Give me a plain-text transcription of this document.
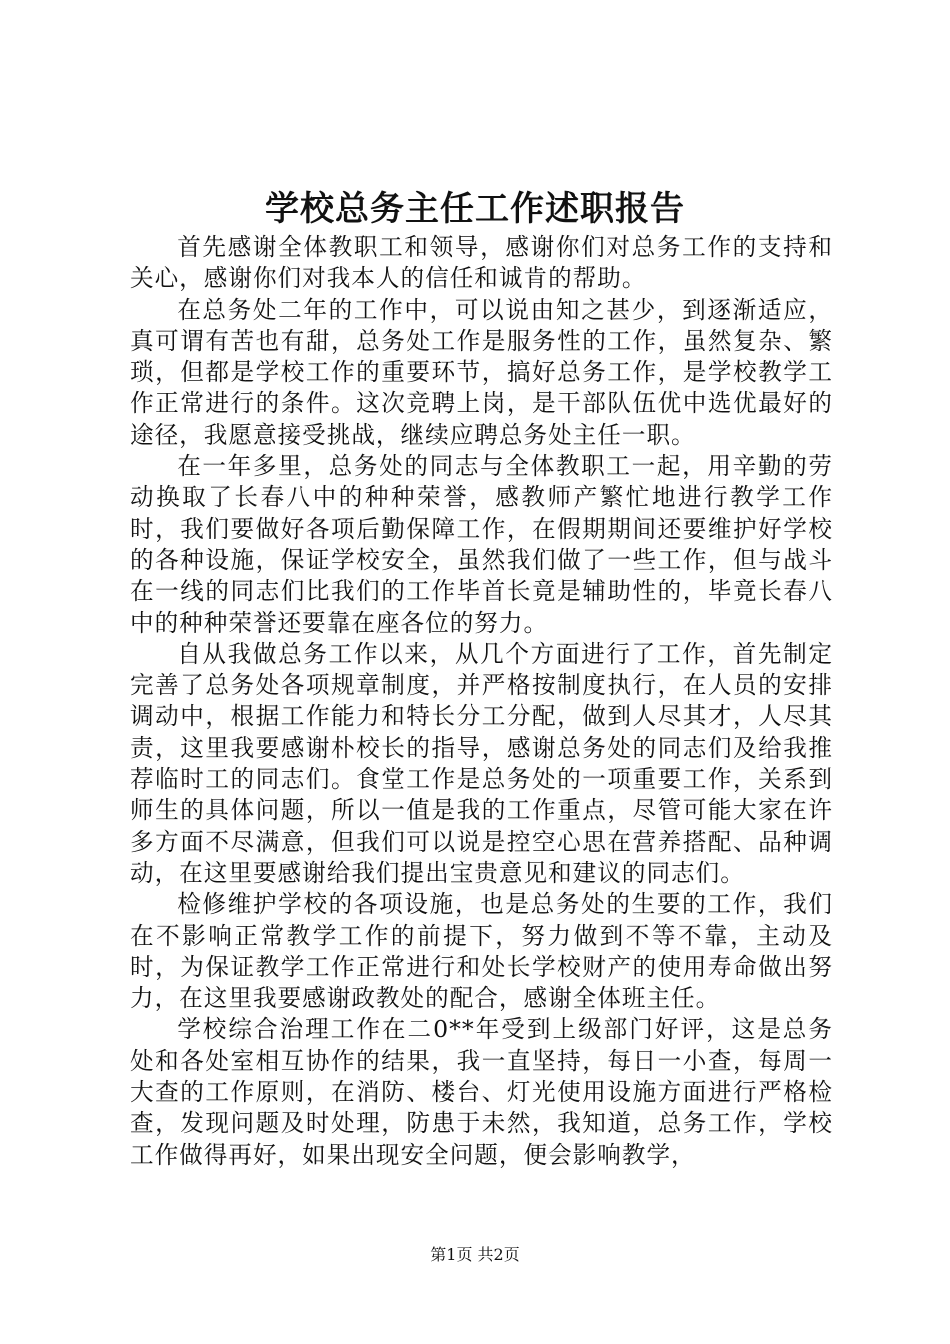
学校总务主任工作述职报告

首先感谢全体教职工和领导，感谢你们对总务工作的支持和关心，感谢你们对我本人的信任和诚肯的帮助。

在总务处二年的工作中，可以说由知之甚少，到逐渐适应，真可谓有苦也有甜，总务处工作是服务性的工作，虽然复杂、繁琐，但都是学校工作的重要环节，搞好总务工作，是学校教学工作正常进行的条件。这次竞聘上岗，是干部队伍优中选优最好的途径，我愿意接受挑战，继续应聘总务处主任一职。

在一年多里，总务处的同志与全体教职工一起，用辛勤的劳动换取了长春八中的种种荣誉，感教师产繁忙地进行教学工作时，我们要做好各项后勤保障工作，在假期期间还要维护好学校的各种设施，保证学校安全，虽然我们做了一些工作，但与战斗在一线的同志们比我们的工作毕首长竟是辅助性的，毕竟长春八中的种种荣誉还要靠在座各位的努力。

自从我做总务工作以来，从几个方面进行了工作，首先制定完善了总务处各项规章制度，并严格按制度执行，在人员的安排调动中，根据工作能力和特长分工分配，做到人尽其才，人尽其责，这里我要感谢朴校长的指导，感谢总务处的同志们及给我推荐临时工的同志们。食堂工作是总务处的一项重要工作，关系到师生的具体问题，所以一值是我的工作重点，尽管可能大家在许多方面不尽满意，但我们可以说是控空心思在营养搭配、品种调动，在这里要感谢给我们提出宝贵意见和建议的同志们。

检修维护学校的各项设施，也是总务处的生要的工作，我们在不影响正常教学工作的前提下，努力做到不等不靠，主动及时，为保证教学工作正常进行和处长学校财产的使用寿命做出努力，在这里我要感谢政教处的配合，感谢全体班主任。

学校综合治理工作在二0**年受到上级部门好评，这是总务处和各处室相互协作的结果，我一直坚持，每日一小查，每周一大查的工作原则，在消防、楼台、灯光使用设施方面进行严格检查，发现问题及时处理，防患于未然，我知道，总务工作，学校工作做得再好，如果出现安全问题，便会影响教学，

第1页 共2页
